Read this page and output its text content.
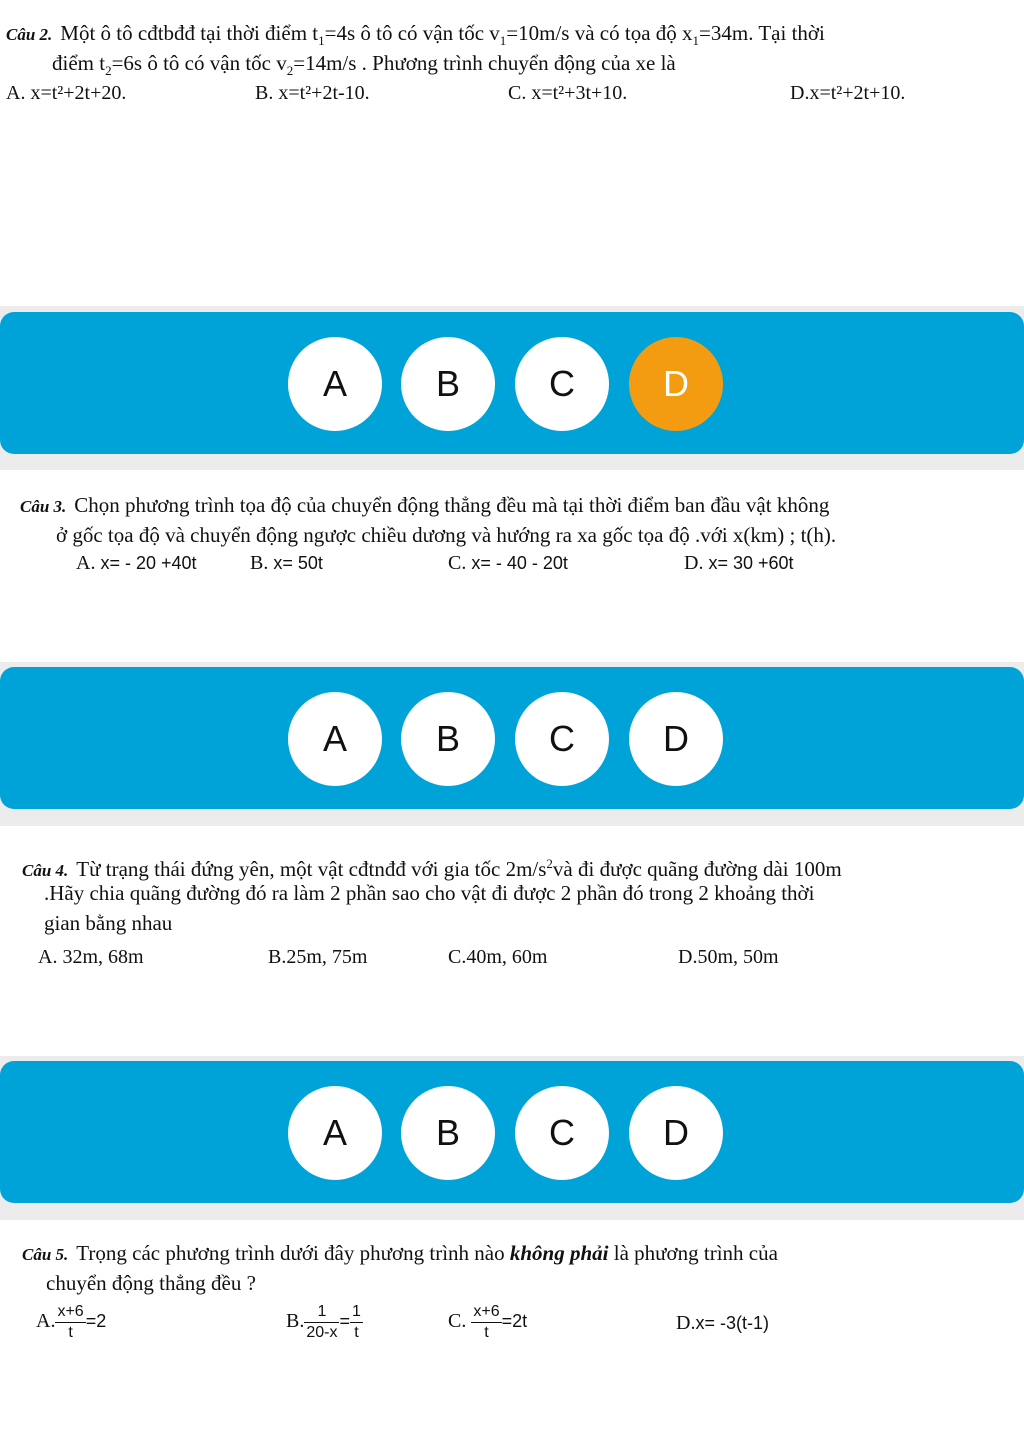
Câu 2. Một ô tô cđtbđđ tại thời điểm $t_1=4s$ ô tô có vận tốc $v_1=10m/s$ và có tọa độ $x_1=34m$. Tại thời
điểm $t_2=6s$ ô tô có vận tốc $v_2=14m/s$ . Phương trình chuyển động của xe là
A. x=t²+2t+20.	B. x=t²+2t-10.	C. x=t²+3t+10.	D.x=t²+2t+10.
A	B	C	D
Câu 3. Chọn phương trình tọa độ của chuyển động thẳng đều mà tại thời điểm ban đầu vật không
ở gốc tọa độ và chuyển động ngược chiều dương và hướng ra xa gốc tọa độ .với x(km) ; t(h).
A. x= - 20 +40t	B. x= 50t	C. x= - 40 - 20t	D. x= 30 +60t
A	B	C	D
Câu 4. Từ trạng thái đứng yên, một vật cđtnđđ với gia tốc $2m/s^2và$ đi được quãng đường dài 100m
.Hãy chia quãng đường đó ra làm 2 phần sao cho vật đi được 2 phần đó trong 2 khoảng thời
gian bằng nhau
A. 32m, 68m	B.25m, 75m	C.40m, 60m	D.50m, 50m
A	B	C	D
Câu 5. Trọng các phương trình dưới đây phương trình nào không phải là phương trình của
chuyển động thẳng đều ?
A. $\frac{x+6}{t} =2$	B. $\frac{1}{20-x} = \frac{1}{t}$	C. $\frac{x+6}{t} =2t$	D.x= -3(t-1)
